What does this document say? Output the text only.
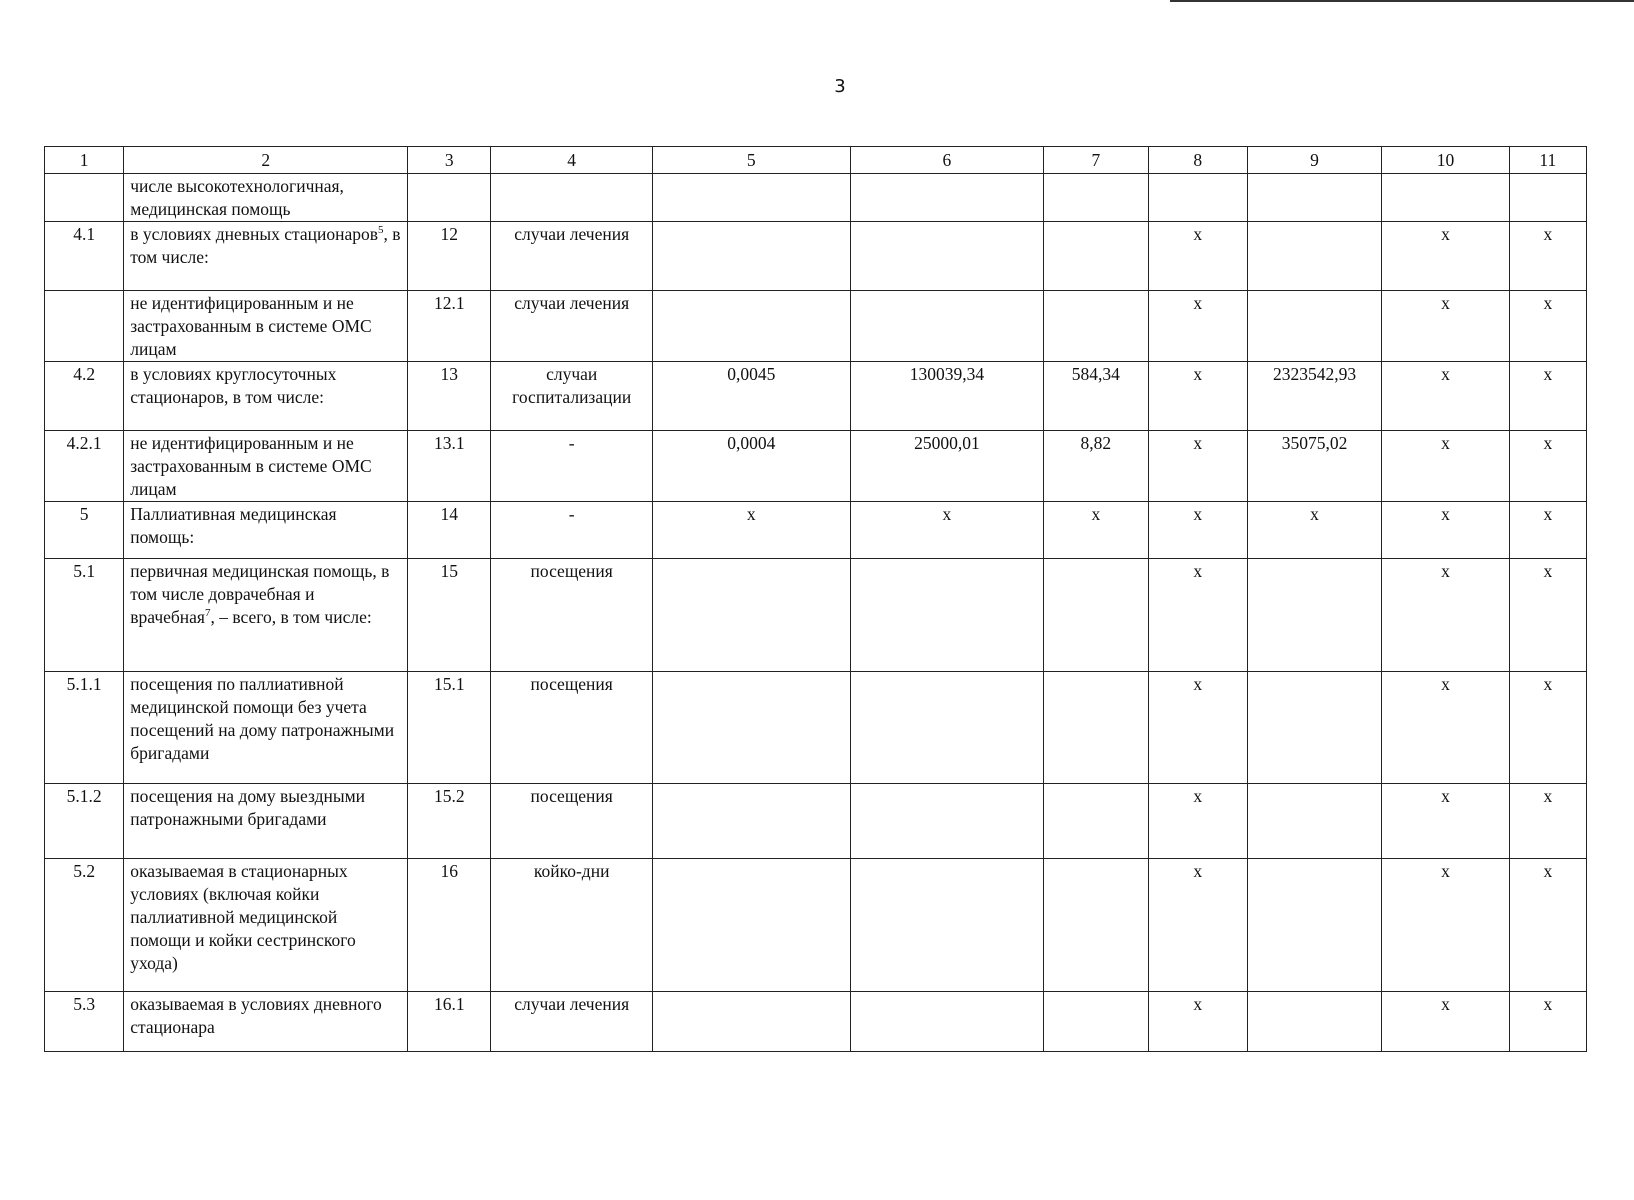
3
1	2	3	4	5	6	7	8	9	10	11
	числе высокотехнологичная, медицинская помощь									
4.1	в условиях дневных стационаров$^5$, в том числе:	12	случаи лечения				х		х	х
	не идентифицированным и не застрахованным в системе ОМС лицам	12.1	случаи лечения				х		х	х
4.2	в условиях круглосуточных стационаров, в том числе:	13	случаи госпитализации	0,0045	130039,34	584,34	х	2323542,93	х	х
4.2.1	не идентифицированным и не застрахованным в системе ОМС лицам	13.1	-	0,0004	25000,01	8,82	х	35075,02	х	х
5	Паллиативная медицинская помощь:	14	-	х	х	х	х	х	х	х
5.1	первичная медицинская помощь, в том числе доврачебная и врачебная$^7$, – всего, в том числе:	15	посещения				х		х	х
5.1.1	посещения по паллиативной медицинской помощи без учета посещений на дому патронажными бригадами	15.1	посещения				х		х	х
5.1.2	посещения на дому выездными патронажными бригадами	15.2	посещения				х		х	х
5.2	оказываемая в стационарных условиях (включая койки паллиативной медицинской помощи и койки сестринского ухода)	16	койко-дни				х		х	х
5.3	оказываемая в условиях дневного стационара	16.1	случаи лечения				х		х	х
